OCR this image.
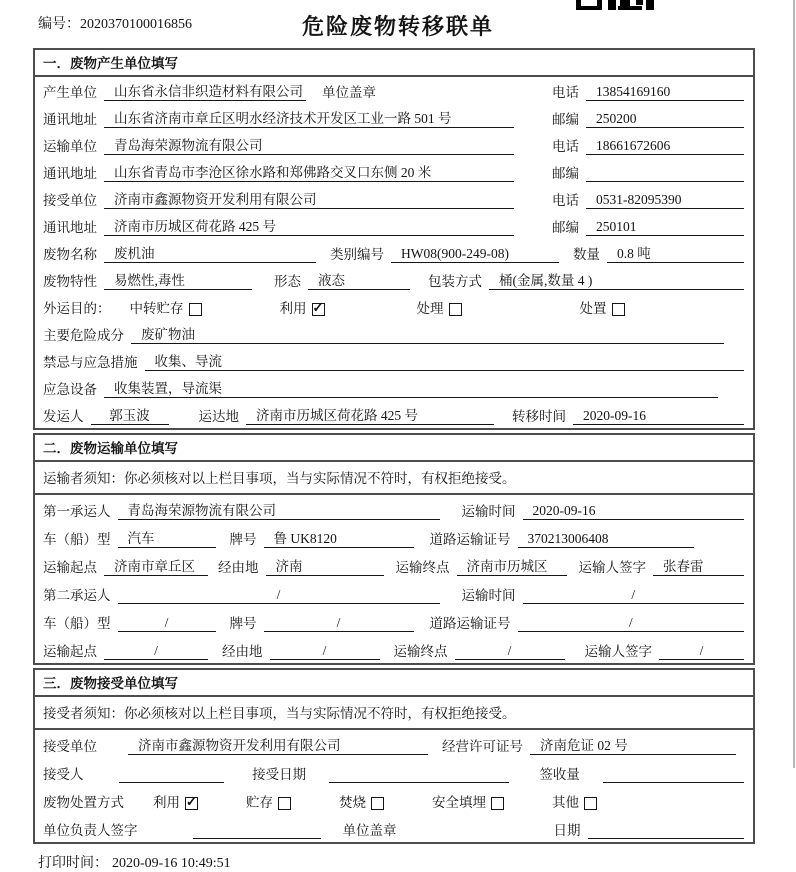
编号：2020370100016856	危险废物转移联单
一．废物产生单位填写
产生单位	山东省永信非织造材料有限公司 单位盖章	电话	13854169160
通讯地址	山东省济南市章丘区明水经济技术开发区工业一路 501 号	邮编	250200
运输单位	青岛海荣源物流有限公司	电话	18661672606
通讯地址	山东省青岛市李沧区徐水路和郑佛路交叉口东侧 20 米	邮编
接受单位	济南市鑫源物资开发利用有限公司	电话	0531-82095390
通讯地址	济南市历城区荷花路 425 号	邮编	250101
废物名称	废机油	类别编号	HW08(900-249-08)	数量	0.8 吨
废物特性	易燃性,毒性	形态	液态	包装方式	桶(金属,数量 4 )
外运目的： 中转贮存	利用 ✓	处理	处置
主要危险成分	废矿物油
禁忌与应急措施	收集、导流
应急设备	收集装置，导流渠
发运人	郭玉波	运达地	济南市历城区荷花路 425 号	转移时间	2020-09-16
二．废物运输单位填写
运输者须知：你必须核对以上栏目事项，当与实际情况不符时，有权拒绝接受。
第一承运人	青岛海荣源物流有限公司	运输时间	2020-09-16
车（船）型	汽车	牌号	鲁 UK8120	道路运输证号	370213006408
运输起点	济南市章丘区	经由地	济南	运输终点	济南市历城区	运输人签字	张春雷
第二承运人	/	运输时间	/
车（船）型	/	牌号	/	道路运输证号	/
运输起点	/	经由地	/	运输终点	/	运输人签字	/
三．废物接受单位填写
接受者须知：你必须核对以上栏目事项，当与实际情况不符时，有权拒绝接受。
接受单位	济南市鑫源物资开发利用有限公司	经营许可证号	济南危证 02 号
接受人	接受日期	签收量
废物处置方式 利用 ✓	贮存	焚烧	安全填埋	其他
单位负责人签字	单位盖章	日期
打印时间： 2020-09-16 10:49:51
